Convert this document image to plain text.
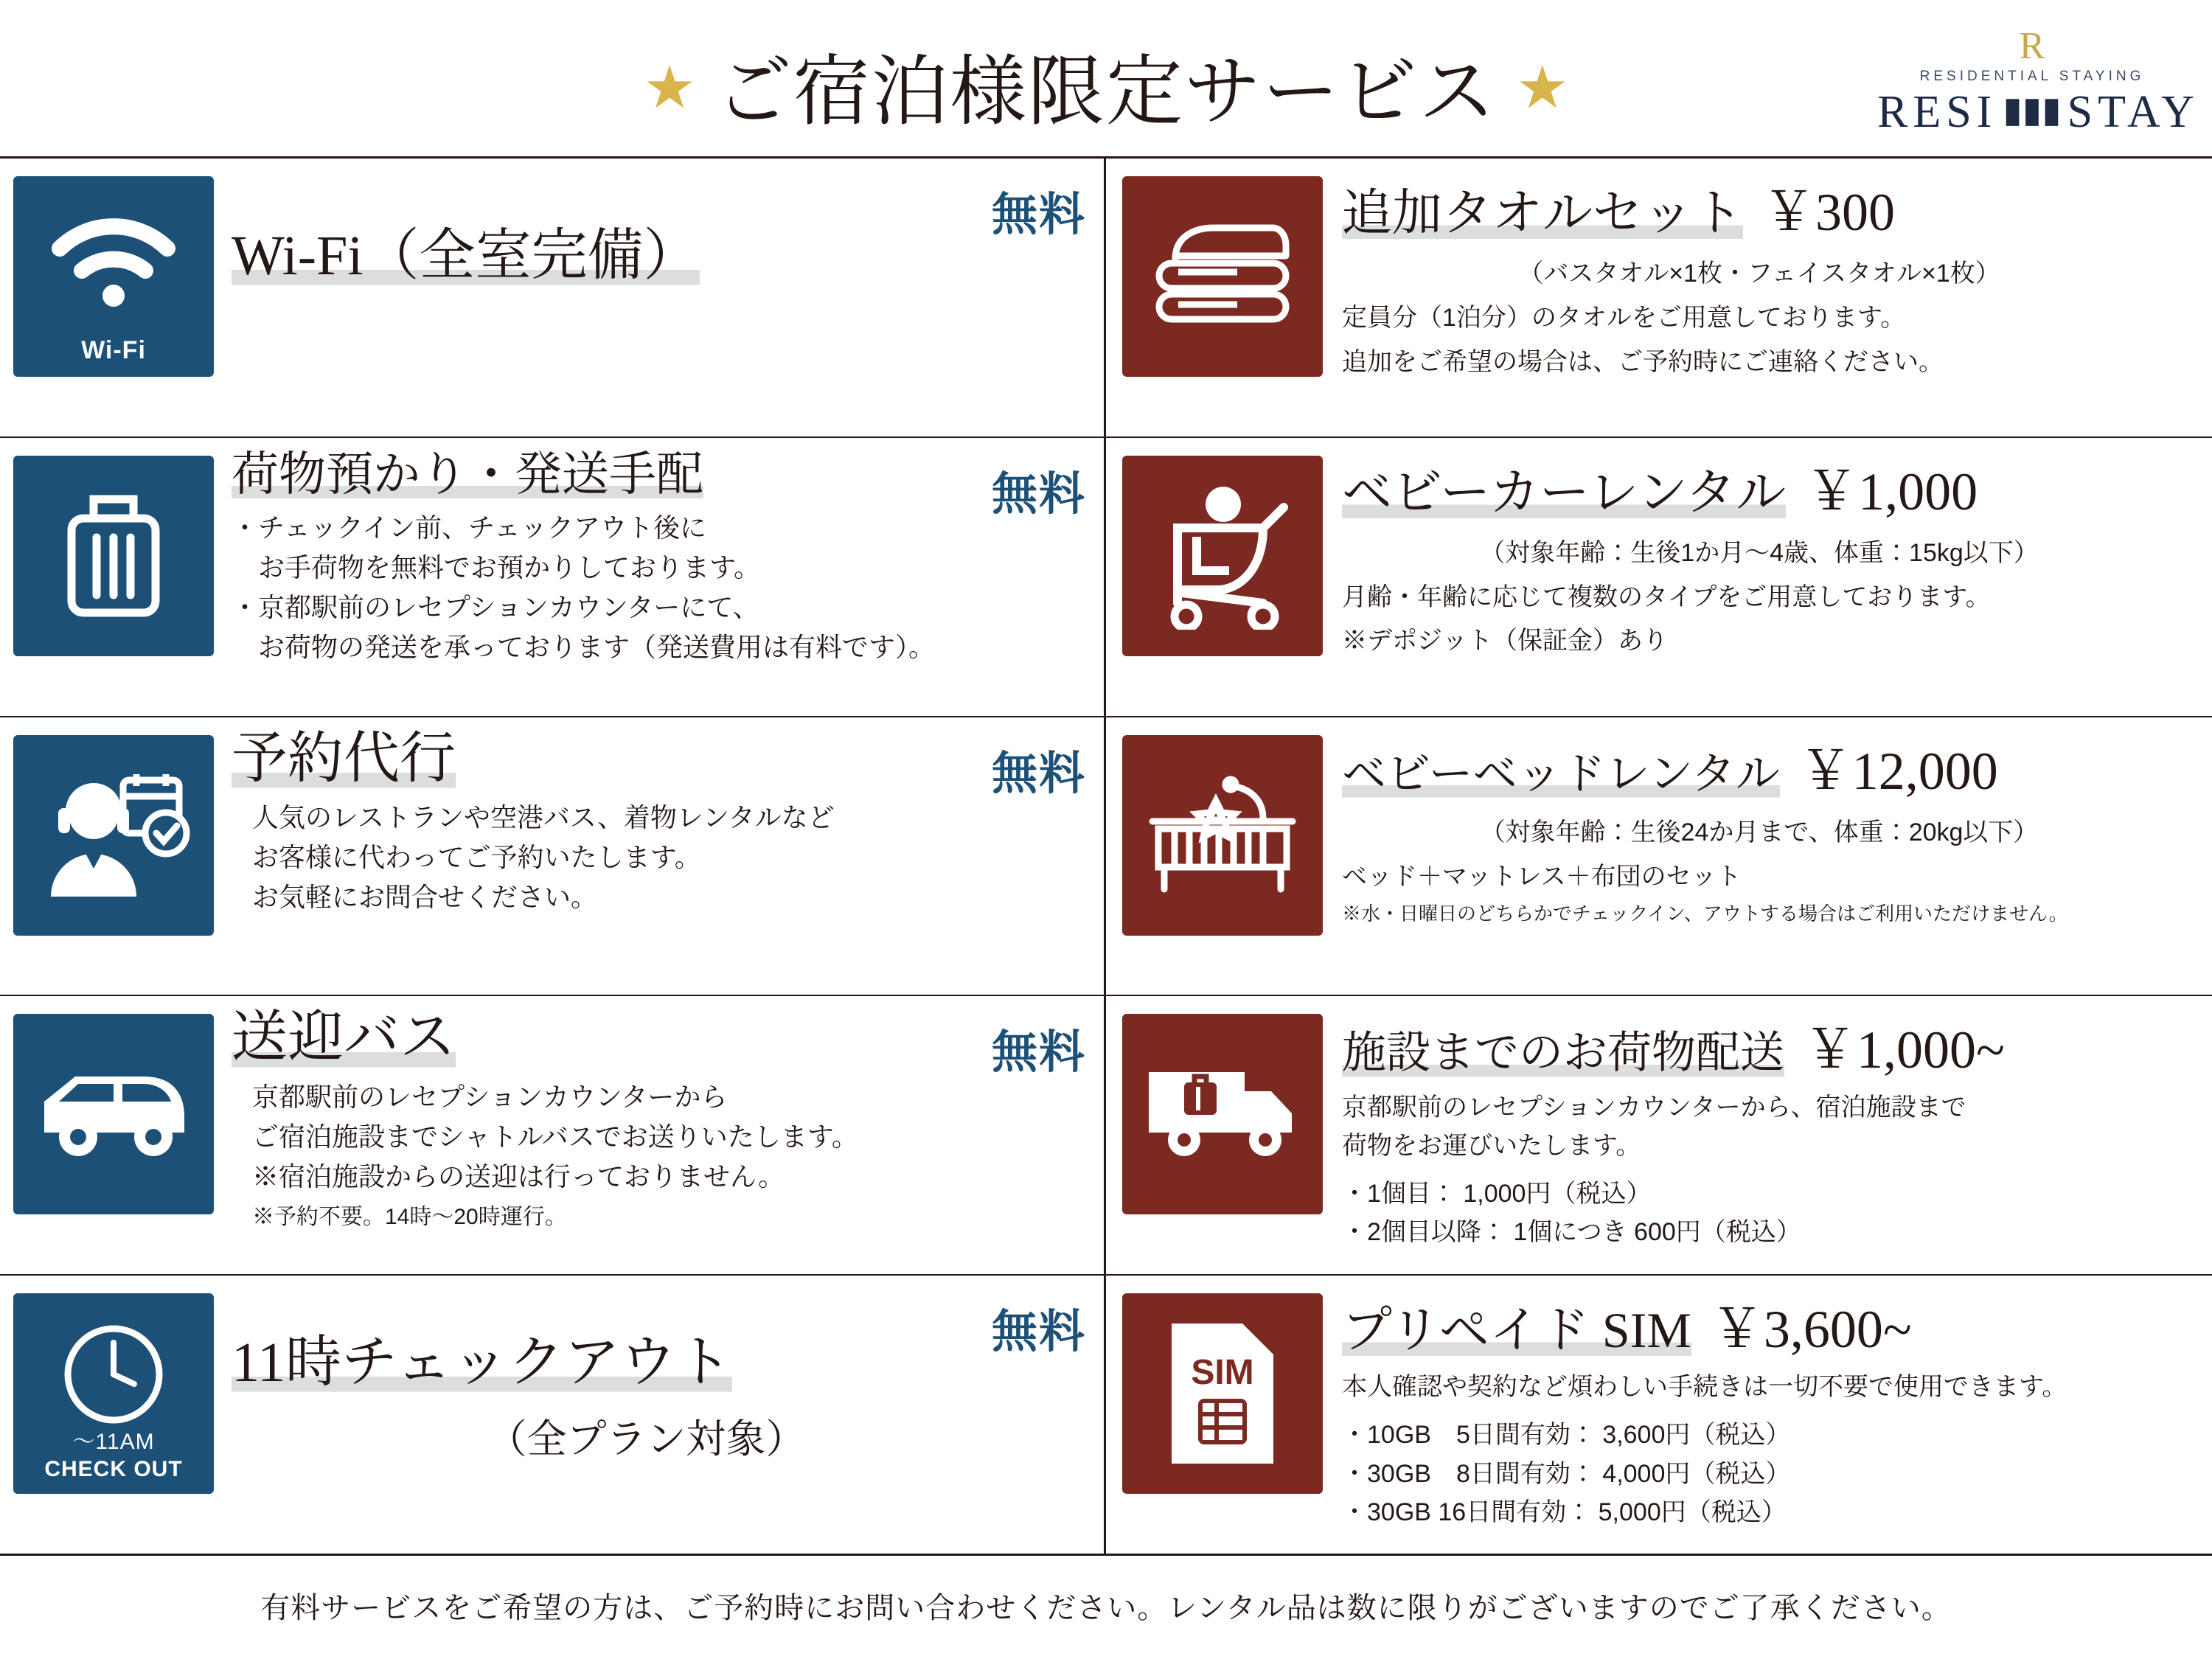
★ ご宿泊様限定サービス ★
R
RESIDENTIAL STAYING
RESI ▮▮▮ STAY
Wi-Fi
無料
Wi-Fi（全室完備）
無料
荷物預かり・発送手配
・チェックイン前、チェックアウト後に
　お手荷物を無料でお預かりしております。
・京都駅前のレセプションカウンターにて、
　お荷物の発送を承っております（発送費用は有料です）。
無料
予約代行
人気のレストランや空港バス、着物レンタルなど
お客様に代わってご予約いたします。
お気軽にお問合せください。
無料
送迎バス
京都駅前のレセプションカウンターから
ご宿泊施設までシャトルバスでお送りいたします。
※宿泊施設からの送迎は行っておりません。
※予約不要。14時〜20時運行。
〜11AM
CHECK OUT
無料
11時チェックアウト
（全プラン対象）
追加タオルセット ￥300
（バスタオル×1枚・フェイスタオル×1枚）
定員分（1泊分）のタオルをご用意しております。
追加をご希望の場合は、ご予約時にご連絡ください。
ベビーカーレンタル ￥1,000
（対象年齢：生後1か月〜4歳、体重：15kg以下）
月齢・年齢に応じて複数のタイプをご用意しております。
※デポジット（保証金）あり
ベビーベッドレンタル ￥12,000
（対象年齢：生後24か月まで、体重：20kg以下）
ベッド＋マットレス＋布団のセット
※水・日曜日のどちらかでチェックイン、アウトする場合はご利用いただけません。
施設までのお荷物配送 ￥1,000~
京都駅前のレセプションカウンターから、宿泊施設まで
荷物をお運びいたします。
・1個目： 1,000円（税込）
・2個目以降： 1個につき 600円（税込）
SIM
プリペイド SIM ￥3,600~
本人確認や契約など煩わしい手続きは一切不要で使用できます。
・10GB　5日間有効： 3,600円（税込）
・30GB　8日間有効： 4,000円（税込）
・30GB 16日間有効： 5,000円（税込）
有料サービスをご希望の方は、ご予約時にお問い合わせください。レンタル品は数に限りがございますのでご了承ください。
